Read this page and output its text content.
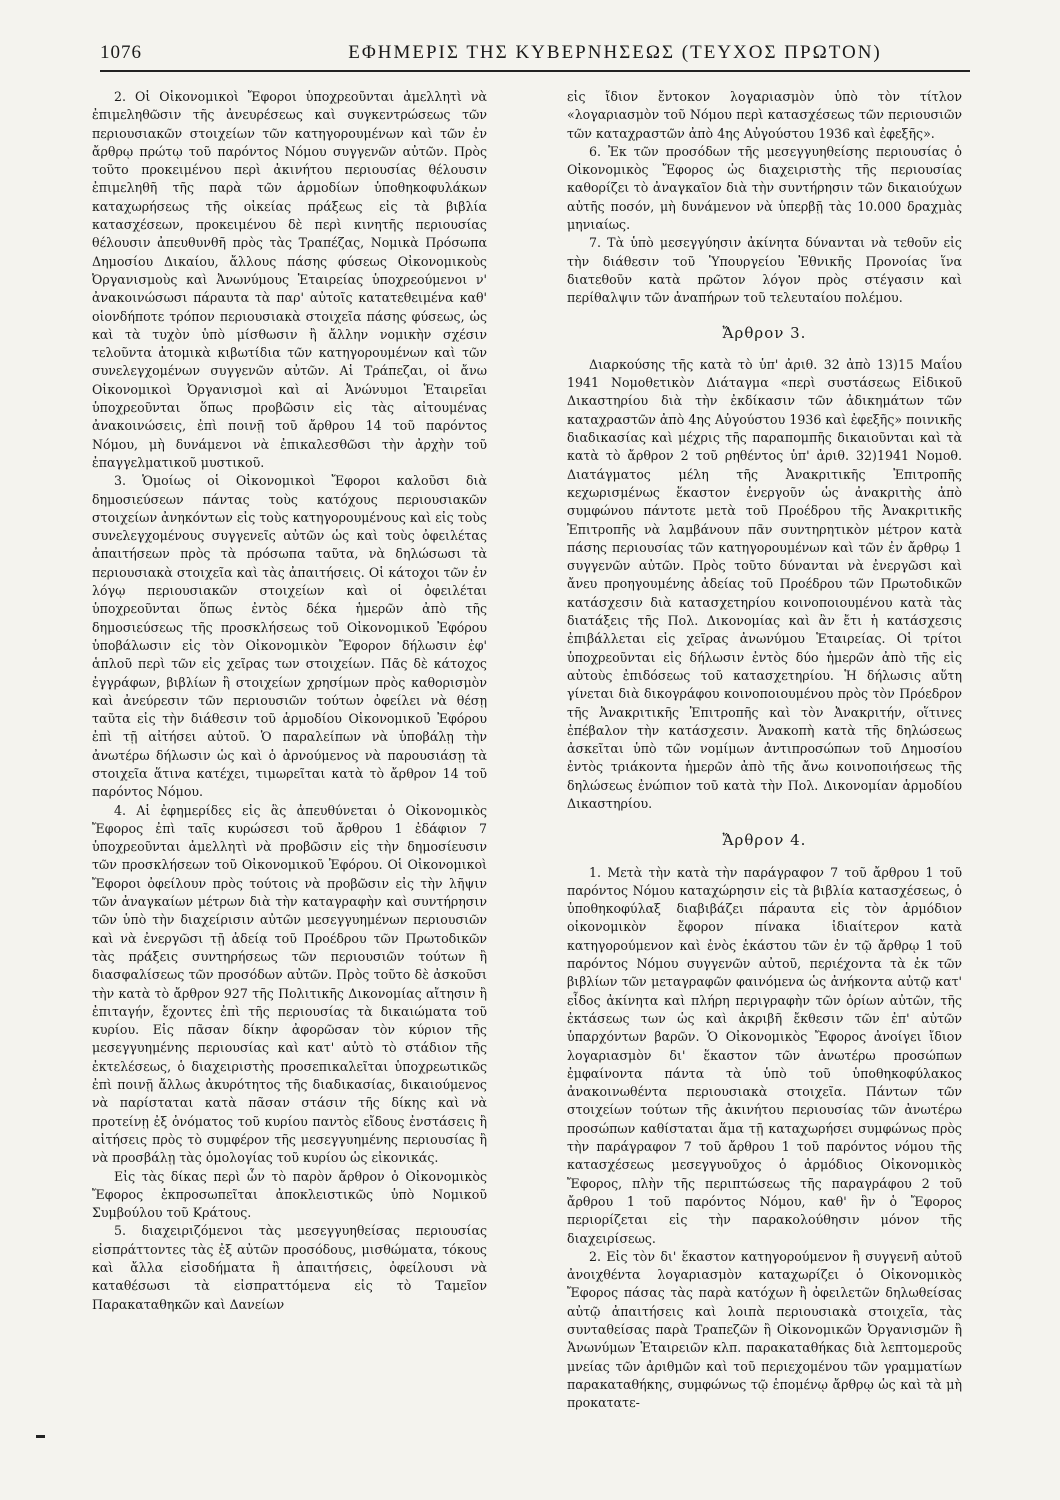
1076	ΕΦΗΜΕΡΙΣ ΤΗΣ ΚΥΒΕΡΝΗΣΕΩΣ (ΤΕΥΧΟΣ ΠΡΩΤΟΝ)

2. Οἱ Οἰκονομικοὶ Ἔφοροι ὑποχρεοῦνται ἀμελλητὶ νὰ ἐπιμεληθῶσιν τῆς ἀνευρέσεως καὶ συγκεντρώσεως τῶν περιουσιακῶν στοιχείων τῶν κατηγορουμένων καὶ τῶν ἐν ἄρθρῳ πρώτῳ τοῦ παρόντος Νόμου συγγενῶν αὐτῶν. Πρὸς τοῦτο προκειμένου περὶ ἀκινήτου περιουσίας θέλουσιν ἐπιμεληθῆ τῆς παρὰ τῶν ἁρμοδίων ὑποθηκοφυλάκων καταχωρήσεως τῆς οἰκείας πράξεως εἰς τὰ βιβλία κατασχέσεων, προκειμένου δὲ περὶ κινητῆς περιουσίας θέλουσιν ἀπευθυνθῆ πρὸς τὰς Τραπέζας, Νομικὰ Πρόσωπα Δημοσίου Δικαίου, ἄλλους πάσης φύσεως Οἰκονομικοὺς Ὀργανισμοὺς καὶ Ἀνωνύμους Ἑταιρείας ὑποχρεούμενοι ν' ἀνακοινώσωσι πάραυτα τὰ παρ' αὐτοῖς κατατεθειμένα καθ' οἱονδήποτε τρόπον περιουσιακὰ στοιχεῖα πάσης φύσεως, ὡς καὶ τὰ τυχὸν ὑπὸ μίσθωσιν ἢ ἄλλην νομικὴν σχέσιν τελοῦντα ἀτομικὰ κιβωτίδια τῶν κατηγορουμένων καὶ τῶν συνελεγχομένων συγγενῶν αὐτῶν. Αἱ Τράπεζαι, οἱ ἄνω Οἰκονομικοὶ Ὀργανισμοὶ καὶ αἱ Ἀνώνυμοι Ἑταιρεῖαι ὑποχρεοῦνται ὅπως προβῶσιν εἰς τὰς αἰτουμένας ἀνακοινώσεις, ἐπὶ ποινῇ τοῦ ἄρθρου 14 τοῦ παρόντος Νόμου, μὴ δυνάμενοι νὰ ἐπικαλεσθῶσι τὴν ἀρχὴν τοῦ ἐπαγγελματικοῦ μυστικοῦ.

3. Ὁμοίως οἱ Οἰκονομικοὶ Ἔφοροι καλοῦσι διὰ δημοσιεύσεων πάντας τοὺς κατόχους περιουσιακῶν στοιχείων ἀνηκόντων εἰς τοὺς κατηγορουμένους καὶ εἰς τοὺς συνελεγχομένους συγγενεῖς αὐτῶν ὡς καὶ τοὺς ὀφειλέτας ἀπαιτήσεων πρὸς τὰ πρόσωπα ταῦτα, νὰ δηλώσωσι τὰ περιουσιακὰ στοιχεῖα καὶ τὰς ἀπαιτήσεις. Οἱ κάτοχοι τῶν ἐν λόγῳ περιουσιακῶν στοιχείων καὶ οἱ ὀφειλέται ὑποχρεοῦνται ὅπως ἐντὸς δέκα ἡμερῶν ἀπὸ τῆς δημοσιεύσεως τῆς προσκλήσεως τοῦ Οἰκονομικοῦ Ἐφόρου ὑποβάλωσιν εἰς τὸν Οἰκονομικὸν Ἔφορον δήλωσιν ἐφ' ἁπλοῦ περὶ τῶν εἰς χεῖρας των στοιχείων. Πᾶς δὲ κάτοχος ἐγγράφων, βιβλίων ἢ στοιχείων χρησίμων πρὸς καθορισμὸν καὶ ἀνεύρεσιν τῶν περιουσιῶν τούτων ὀφείλει νὰ θέσῃ ταῦτα εἰς τὴν διάθεσιν τοῦ ἁρμοδίου Οἰκονομικοῦ Ἐφόρου ἐπὶ τῇ αἰτήσει αὐτοῦ. Ὁ παραλείπων νὰ ὑποβάλῃ τὴν ἀνωτέρω δήλωσιν ὡς καὶ ὁ ἀρνούμενος νὰ παρουσιάσῃ τὰ στοιχεῖα ἅτινα κατέχει, τιμωρεῖται κατὰ τὸ ἄρθρον 14 τοῦ παρόντος Νόμου.

4. Αἱ ἐφημερίδες εἰς ἃς ἀπευθύνεται ὁ Οἰκονομικὸς Ἔφορος ἐπὶ ταῖς κυρώσεσι τοῦ ἄρθρου 1 ἐδάφιον 7 ὑποχρεοῦνται ἀμελλητὶ νὰ προβῶσιν εἰς τὴν δημοσίευσιν τῶν προσκλήσεων τοῦ Οἰκονομικοῦ Ἐφόρου. Οἱ Οἰκονομικοὶ Ἔφοροι ὀφείλουν πρὸς τούτοις νὰ προβῶσιν εἰς τὴν λῆψιν τῶν ἀναγκαίων μέτρων διὰ τὴν καταγραφὴν καὶ συντήρησιν τῶν ὑπὸ τὴν διαχείρισιν αὐτῶν μεσεγγυημένων περιουσιῶν καὶ νὰ ἐνεργῶσι τῇ ἀδείᾳ τοῦ Προέδρου τῶν Πρωτοδικῶν τὰς πράξεις συντηρήσεως τῶν περιουσιῶν τούτων ἢ διασφαλίσεως τῶν προσόδων αὐτῶν. Πρὸς τοῦτο δὲ ἀσκοῦσι τὴν κατὰ τὸ ἄρθρον 927 τῆς Πολιτικῆς Δικονομίας αἴτησιν ἢ ἐπιταγήν, ἔχοντες ἐπὶ τῆς περιουσίας τὰ δικαιώματα τοῦ κυρίου. Εἰς πᾶσαν δίκην ἀφορῶσαν τὸν κύριον τῆς μεσεγγυημένης περιουσίας καὶ κατ' αὐτὸ τὸ στάδιον τῆς ἐκτελέσεως, ὁ διαχειριστὴς προσεπικαλεῖται ὑποχρεωτικῶς ἐπὶ ποινῇ ἄλλως ἀκυρότητος τῆς διαδικασίας, δικαιούμενος νὰ παρίσταται κατὰ πᾶσαν στάσιν τῆς δίκης καὶ νὰ προτείνῃ ἐξ ὀνόματος τοῦ κυρίου παντὸς εἴδους ἐνστάσεις ἢ αἰτήσεις πρὸς τὸ συμφέρον τῆς μεσεγγυημένης περιουσίας ἢ νὰ προσβάλῃ τὰς ὁμολογίας τοῦ κυρίου ὡς εἰκονικάς.

Εἰς τὰς δίκας περὶ ὧν τὸ παρὸν ἄρθρον ὁ Οἰκονομικὸς Ἔφορος ἐκπροσωπεῖται ἀποκλειστικῶς ὑπὸ Νομικοῦ Συμβούλου τοῦ Κράτους.

5. διαχειριζόμενοι τὰς μεσεγγυηθείσας περιουσίας εἰσπράττοντες τὰς ἐξ αὐτῶν προσόδους, μισθώματα, τόκους καὶ ἄλλα εἰσοδήματα ἢ ἀπαιτήσεις, ὀφείλουσι νὰ καταθέσωσι τὰ εἰσπραττόμενα εἰς τὸ Ταμεῖον Παρακαταθηκῶν καὶ Δανείων

εἰς ἴδιον ἔντοκον λογαριασμὸν ὑπὸ τὸν τίτλον «λογαριασμὸν τοῦ Νόμου περὶ κατασχέσεως τῶν περιουσιῶν τῶν καταχραστῶν ἀπὸ 4ης Αὐγούστου 1936 καὶ ἐφεξῆς».

6. Ἐκ τῶν προσόδων τῆς μεσεγγυηθείσης περιουσίας ὁ Οἰκονομικὸς Ἔφορος ὡς διαχειριστὴς τῆς περιουσίας καθορίζει τὸ ἀναγκαῖον διὰ τὴν συντήρησιν τῶν δικαιούχων αὐτῆς ποσόν, μὴ δυνάμενον νὰ ὑπερβῇ τὰς 10.000 δραχμὰς μηνιαίως.

7. Τὰ ὑπὸ μεσεγγύησιν ἀκίνητα δύνανται νὰ τεθοῦν εἰς τὴν διάθεσιν τοῦ Ὑπουργείου Ἐθνικῆς Προνοίας ἵνα διατεθοῦν κατὰ πρῶτον λόγον πρὸς στέγασιν καὶ περίθαλψιν τῶν ἀναπήρων τοῦ τελευταίου πολέμου.

Ἄρθρον 3.

Διαρκούσης τῆς κατὰ τὸ ὑπ' ἀριθ. 32 ἀπὸ 13)15 Μαΐου 1941 Νομοθετικὸν Διάταγμα «περὶ συστάσεως Εἰδικοῦ Δικαστηρίου διὰ τὴν ἐκδίκασιν τῶν ἀδικημάτων τῶν καταχραστῶν ἀπὸ 4ης Αὐγούστου 1936 καὶ ἐφεξῆς» ποινικῆς διαδικασίας καὶ μέχρις τῆς παραπομπῆς δικαιοῦνται καὶ τὰ κατὰ τὸ ἄρθρον 2 τοῦ ρηθέντος ὑπ' ἀριθ. 32)1941 Νομοθ. Διατάγματος μέλη τῆς Ἀνακριτικῆς Ἐπιτροπῆς κεχωρισμένως ἕκαστον ἐνεργοῦν ὡς ἀνακριτὴς ἀπὸ συμφώνου πάντοτε μετὰ τοῦ Προέδρου τῆς Ἀνακριτικῆς Ἐπιτροπῆς νὰ λαμβάνουν πᾶν συντηρητικὸν μέτρον κατὰ πάσης περιουσίας τῶν κατηγορουμένων καὶ τῶν ἐν ἄρθρῳ 1 συγγενῶν αὐτῶν. Πρὸς τοῦτο δύνανται νὰ ἐνεργῶσι καὶ ἄνευ προηγουμένης ἀδείας τοῦ Προέδρου τῶν Πρωτοδικῶν κατάσχεσιν διὰ κατασχετηρίου κοινοποιουμένου κατὰ τὰς διατάξεις τῆς Πολ. Δικονομίας καὶ ἂν ἔτι ἡ κατάσχεσις ἐπιβάλλεται εἰς χεῖρας ἀνωνύμου Ἑταιρείας. Οἱ τρίτοι ὑποχρεοῦνται εἰς δήλωσιν ἐντὸς δύο ἡμερῶν ἀπὸ τῆς εἰς αὐτοὺς ἐπιδόσεως τοῦ κατασχετηρίου. Ἡ δήλωσις αὕτη γίνεται διὰ δικογράφου κοινοποιουμένου πρὸς τὸν Πρόεδρον τῆς Ἀνακριτικῆς Ἐπιτροπῆς καὶ τὸν Ἀνακριτήν, οἵτινες ἐπέβαλον τὴν κατάσχεσιν. Ἀνακοπὴ κατὰ τῆς δηλώσεως ἀσκεῖται ὑπὸ τῶν νομίμων ἀντιπροσώπων τοῦ Δημοσίου ἐντὸς τριάκοντα ἡμερῶν ἀπὸ τῆς ἄνω κοινοποιήσεως τῆς δηλώσεως ἐνώπιον τοῦ κατὰ τὴν Πολ. Δικονομίαν ἁρμοδίου Δικαστηρίου.

Ἄρθρον 4.

1. Μετὰ τὴν κατὰ τὴν παράγραφον 7 τοῦ ἄρθρου 1 τοῦ παρόντος Νόμου καταχώρησιν εἰς τὰ βιβλία κατασχέσεως, ὁ ὑποθηκοφύλαξ διαβιβάζει πάραυτα εἰς τὸν ἁρμόδιον οἰκονομικὸν ἔφορον πίνακα ἰδιαίτερον κατὰ κατηγορούμενον καὶ ἑνὸς ἑκάστου τῶν ἐν τῷ ἄρθρῳ 1 τοῦ παρόντος Νόμου συγγενῶν αὐτοῦ, περιέχοντα τὰ ἐκ τῶν βιβλίων τῶν μεταγραφῶν φαινόμενα ὡς ἀνήκοντα αὐτῷ κατ' εἶδος ἀκίνητα καὶ πλήρη περιγραφὴν τῶν ὁρίων αὐτῶν, τῆς ἐκτάσεως των ὡς καὶ ἀκριβῆ ἔκθεσιν τῶν ἐπ' αὐτῶν ὑπαρχόντων βαρῶν. Ὁ Οἰκονομικὸς Ἔφορος ἀνοίγει ἴδιον λογαριασμὸν δι' ἕκαστον τῶν ἀνωτέρω προσώπων ἐμφαίνοντα πάντα τὰ ὑπὸ τοῦ ὑποθηκοφύλακος ἀνακοινωθέντα περιουσιακὰ στοιχεῖα. Πάντων τῶν στοιχείων τούτων τῆς ἀκινήτου περιουσίας τῶν ἀνωτέρω προσώπων καθίσταται ἅμα τῇ καταχωρήσει συμφώνως πρὸς τὴν παράγραφον 7 τοῦ ἄρθρου 1 τοῦ παρόντος νόμου τῆς κατασχέσεως μεσεγγυοῦχος ὁ ἁρμόδιος Οἰκονομικὸς Ἔφορος, πλὴν τῆς περιπτώσεως τῆς παραγράφου 2 τοῦ ἄρθρου 1 τοῦ παρόντος Νόμου, καθ' ἣν ὁ Ἔφορος περιορίζεται εἰς τὴν παρακολούθησιν μόνον τῆς διαχειρίσεως.

2. Εἰς τὸν δι' ἕκαστον κατηγορούμενον ἢ συγγενῆ αὐτοῦ ἀνοιχθέντα λογαριασμὸν καταχωρίζει ὁ Οἰκονομικὸς Ἔφορος πάσας τὰς παρὰ κατόχων ἢ ὀφειλετῶν δηλωθείσας αὐτῷ ἀπαιτήσεις καὶ λοιπὰ περιουσιακὰ στοιχεῖα, τὰς συνταθείσας παρὰ Τραπεζῶν ἢ Οἰκονομικῶν Ὀργανισμῶν ἢ Ἀνωνύμων Ἑταιρειῶν κλπ. παρακαταθήκας διὰ λεπτομεροῦς μνείας τῶν ἀριθμῶν καὶ τοῦ περιεχομένου τῶν γραμματίων παρακαταθήκης, συμφώνως τῷ ἑπομένῳ ἄρθρῳ ὡς καὶ τὰ μὴ προκατατε-
